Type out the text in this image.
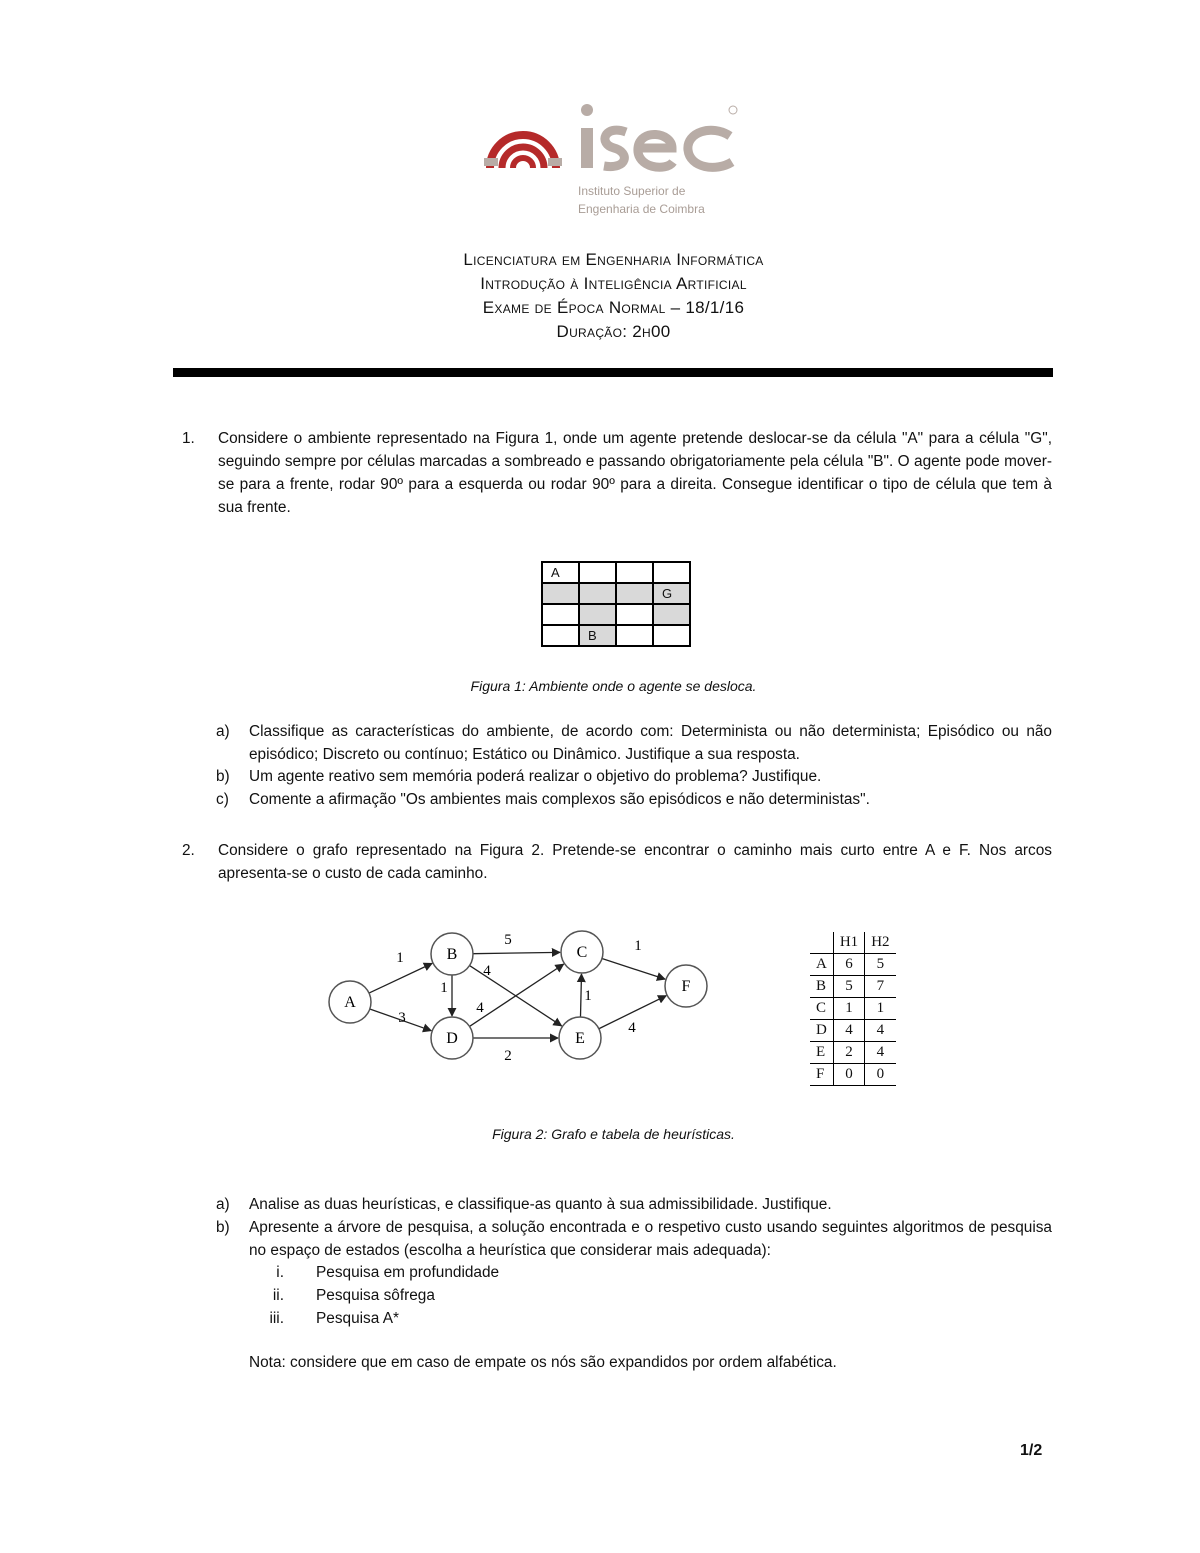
Instituto Superior de
Engenharia de Coimbra
Licenciatura em Engenharia Informática
Introdução à Inteligência Artificial
Exame de Época Normal – 18/1/16
Duração: 2h00
1. Considere o ambiente representado na Figura 1, onde um agente pretende deslocar-se da célula "A" para a célula "G", seguindo sempre por células marcadas a sombreado e passando obrigatoriamente pela célula "B". O agente pode mover-se para a frente, rodar 90º para a esquerda ou rodar 90º para a direita. Consegue identificar o tipo de célula que tem à sua frente.
A			
			G

	B		
Figura 1: Ambiente onde o agente se desloca.
a) Classifique as características do ambiente, de acordo com: Determinista ou não determinista; Episódico ou não episódico; Discreto ou contínuo; Estático ou Dinâmico. Justifique a sua resposta.
b) Um agente reativo sem memória poderá realizar o objetivo do problema? Justifique.
c) Comente a afirmação "Os ambientes mais complexos são episódicos e não deterministas".
2. Considere o grafo representado na Figura 2. Pretende-se encontrar o caminho mais curto entre A e F. Nos arcos apresenta-se o custo de cada caminho.
1
3
5
1
4
4
2
1
1
4
A
B	C
D	E
F
	H1	H2
A	6	5
B	5	7
C	1	1
D	4	4
E	2	4
F	0	0
Figura 2: Grafo e tabela de heurísticas.
a) Analise as duas heurísticas, e classifique-as quanto à sua admissibilidade. Justifique.
b) Apresente a árvore de pesquisa, a solução encontrada e o respetivo custo usando seguintes algoritmos de pesquisa no espaço de estados (escolha a heurística que considerar mais adequada):
i. Pesquisa em profundidade
ii. Pesquisa sôfrega
iii. Pesquisa A*
Nota: considere que em caso de empate os nós são expandidos por ordem alfabética.
1/2
